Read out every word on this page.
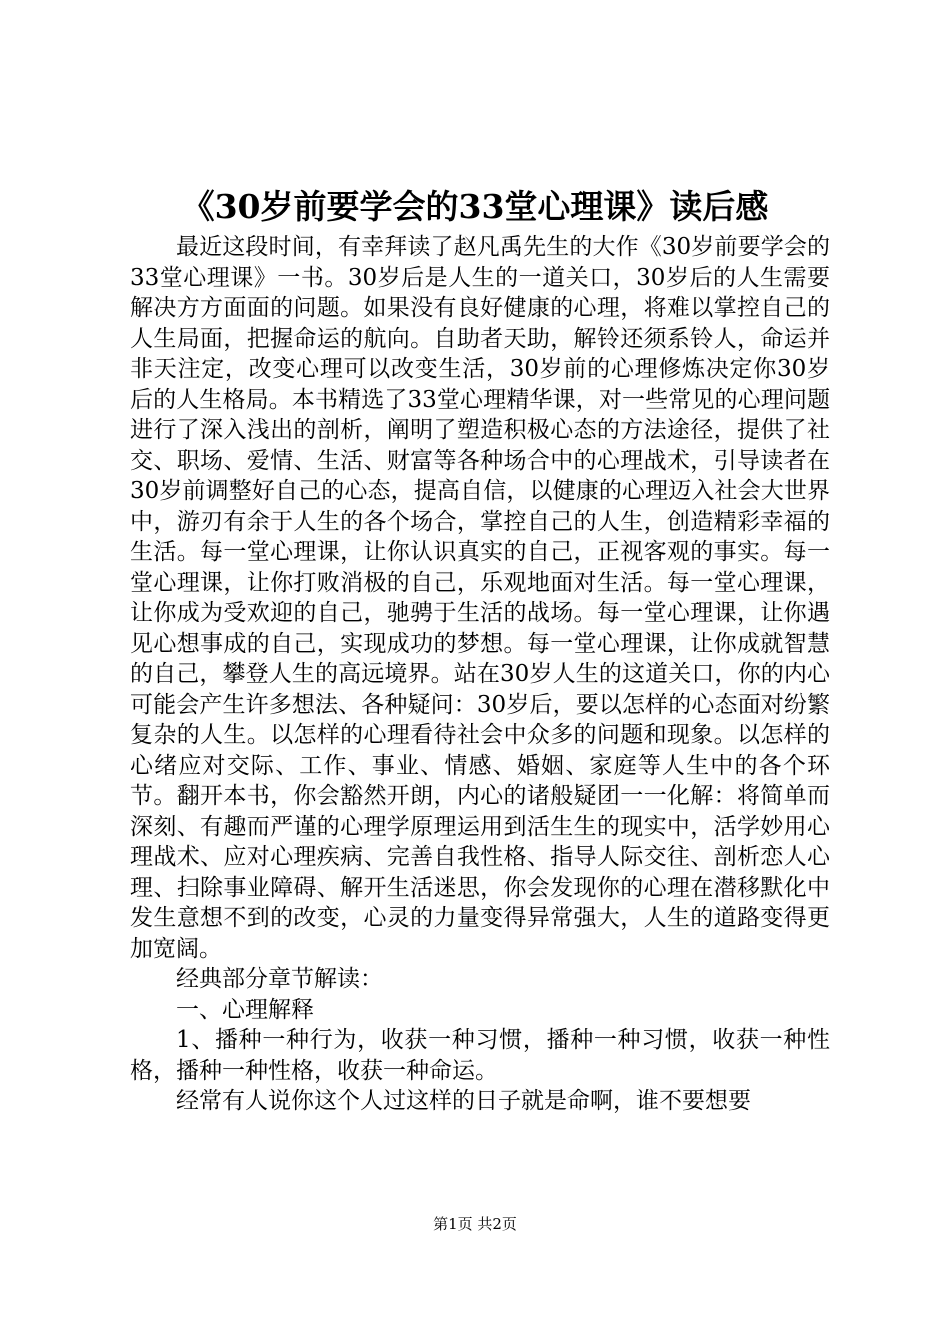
《30岁前要学会的33堂心理课》读后感

最近这段时间，有幸拜读了赵凡禹先生的大作《30岁前要学会的33堂心理课》一书。30岁后是人生的一道关口，30岁后的人生需要解决方方面面的问题。如果没有良好健康的心理，将难以掌控自己的人生局面，把握命运的航向。自助者天助，解铃还须系铃人，命运并非天注定，改变心理可以改变生活，30岁前的心理修炼决定你30岁后的人生格局。本书精选了33堂心理精华课，对一些常见的心理问题进行了深入浅出的剖析，阐明了塑造积极心态的方法途径，提供了社交、职场、爱情、生活、财富等各种场合中的心理战术，引导读者在30岁前调整好自己的心态，提高自信，以健康的心理迈入社会大世界中，游刃有余于人生的各个场合，掌控自己的人生，创造精彩幸福的生活。每一堂心理课，让你认识真实的自己，正视客观的事实。每一堂心理课，让你打败消极的自己，乐观地面对生活。每一堂心理课，让你成为受欢迎的自己，驰骋于生活的战场。每一堂心理课，让你遇见心想事成的自己，实现成功的梦想。每一堂心理课，让你成就智慧的自己，攀登人生的高远境界。站在30岁人生的这道关口，你的内心可能会产生许多想法、各种疑问：30岁后，要以怎样的心态面对纷繁复杂的人生。以怎样的心理看待社会中众多的问题和现象。以怎样的心绪应对交际、工作、事业、情感、婚姻、家庭等人生中的各个环节。翻开本书，你会豁然开朗，内心的诸般疑团一一化解：将简单而深刻、有趣而严谨的心理学原理运用到活生生的现实中，活学妙用心理战术、应对心理疾病、完善自我性格、指导人际交往、剖析恋人心理、扫除事业障碍、解开生活迷思，你会发现你的心理在潜移默化中发生意想不到的改变，心灵的力量变得异常强大，人生的道路变得更加宽阔。

经典部分章节解读：

一、心理解释

1、播种一种行为，收获一种习惯，播种一种习惯，收获一种性格，播种一种性格，收获一种命运。

经常有人说你这个人过这样的日子就是命啊，谁不要想要

第1页 共2页
